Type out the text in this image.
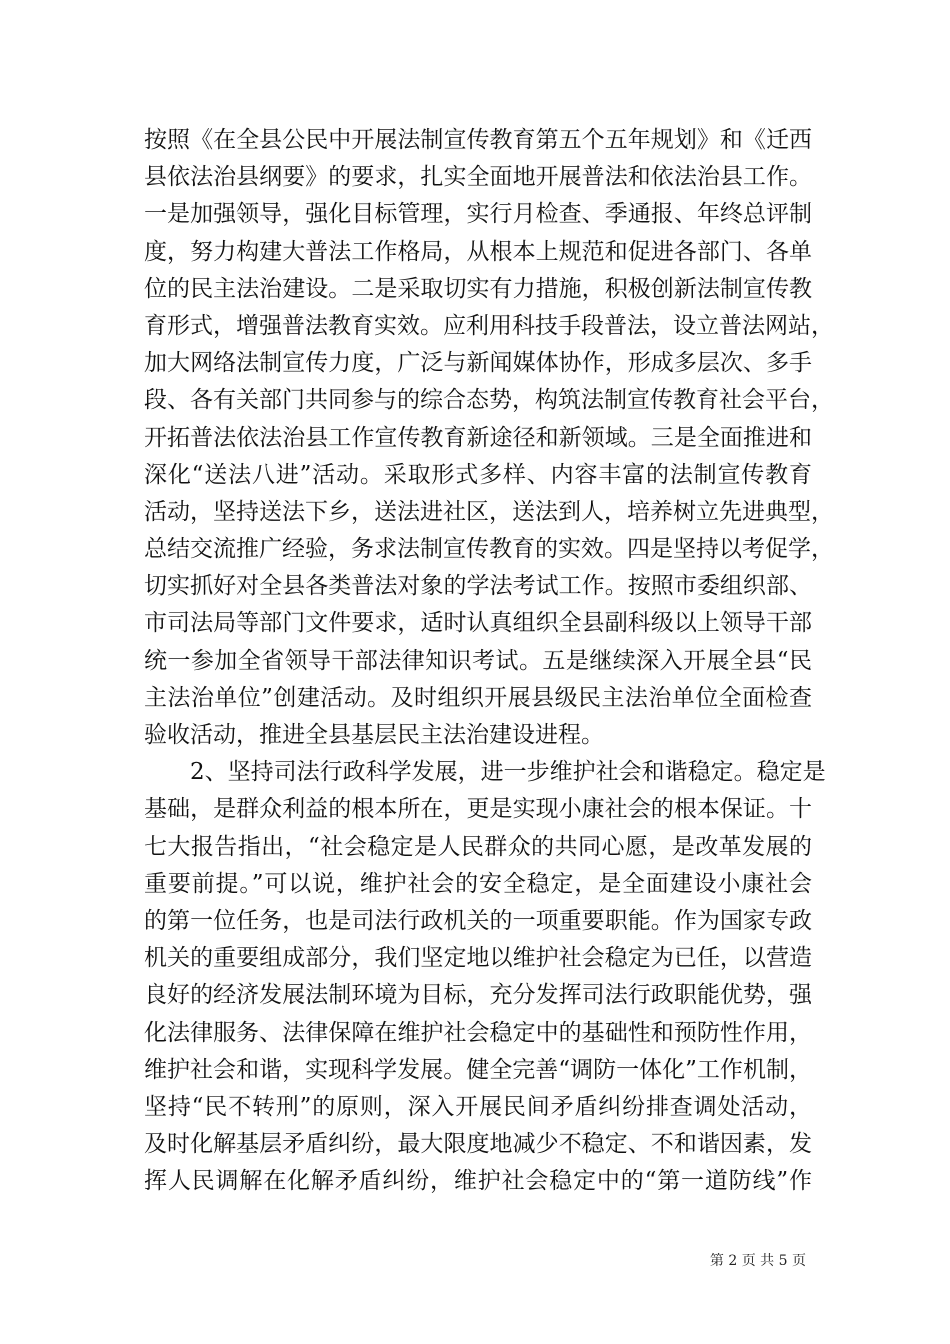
按照《在全县公民中开展法制宣传教育第五个五年规划》和《迁西
县依法治县纲要》的要求，扎实全面地开展普法和依法治县工作。
一是加强领导，强化目标管理，实行月检查、季通报、年终总评制
度，努力构建大普法工作格局，从根本上规范和促进各部门、各单
位的民主法治建设。二是采取切实有力措施，积极创新法制宣传教
育形式，增强普法教育实效。应利用科技手段普法，设立普法网站，
加大网络法制宣传力度，广泛与新闻媒体协作，形成多层次、多手
段、各有关部门共同参与的综合态势，构筑法制宣传教育社会平台，
开拓普法依法治县工作宣传教育新途径和新领域。三是全面推进和
深化“送法八进”活动。采取形式多样、内容丰富的法制宣传教育
活动，坚持送法下乡，送法进社区，送法到人，培养树立先进典型，
总结交流推广经验，务求法制宣传教育的实效。四是坚持以考促学，
切实抓好对全县各类普法对象的学法考试工作。按照市委组织部、
市司法局等部门文件要求，适时认真组织全县副科级以上领导干部
统一参加全省领导干部法律知识考试。五是继续深入开展全县“民
主法治单位”创建活动。及时组织开展县级民主法治单位全面检查
验收活动，推进全县基层民主法治建设进程。
2、坚持司法行政科学发展，进一步维护社会和谐稳定。稳定是
基础，是群众利益的根本所在，更是实现小康社会的根本保证。十
七大报告指出，“社会稳定是人民群众的共同心愿，是改革发展的
重要前提。”可以说，维护社会的安全稳定，是全面建设小康社会
的第一位任务，也是司法行政机关的一项重要职能。作为国家专政
机关的重要组成部分，我们坚定地以维护社会稳定为已任，以营造
良好的经济发展法制环境为目标，充分发挥司法行政职能优势，强
化法律服务、法律保障在维护社会稳定中的基础性和预防性作用，
维护社会和谐，实现科学发展。健全完善“调防一体化”工作机制，
坚持“民不转刑”的原则，深入开展民间矛盾纠纷排查调处活动，
及时化解基层矛盾纠纷，最大限度地减少不稳定、不和谐因素，发
挥人民调解在化解矛盾纠纷，维护社会稳定中的“第一道防线”作
第 2 页 共 5 页
